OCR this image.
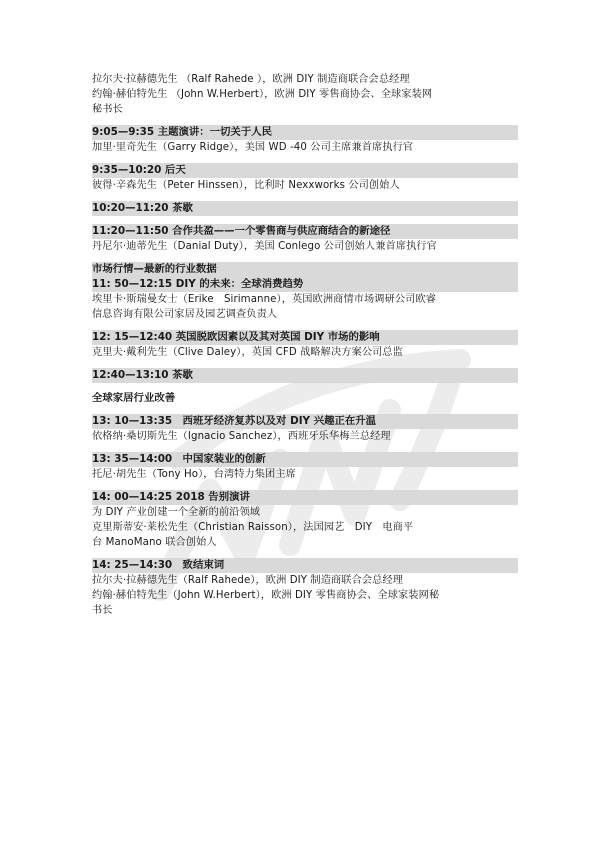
拉尔夫·拉赫德先生 （Ralf Rahede ），欧洲 DIY 制造商联合会总经理
约翰·赫伯特先生 （John W.Herbert），欧洲 DIY 零售商协会、全球家装网
秘书长
9:05—9:35 主题演讲：一切关于人民
加里·里奇先生（Garry Ridge），美国 WD -40 公司主席兼首席执行官
9:35—10:20 后天
彼得·辛森先生（Peter Hinssen），比利时 Nexxworks 公司创始人
10:20—11:20 茶歇
11:20—11:50 合作共盈——一个零售商与供应商结合的新途径
丹尼尔·迪蒂先生（Danial Duty），美国 Conlego 公司创始人兼首席执行官
市场行情—最新的行业数据
11: 50—12:15 DIY 的未来：全球消费趋势
埃里卡·斯瑞曼女士（Erike　Sirimanne），英国欧洲商情市场调研公司欧睿
信息咨询有限公司家居及园艺调查负责人
12: 15—12:40 英国脱欧因素以及其对英国 DIY 市场的影响
克里夫·戴利先生（Clive Daley），英国 CFD 战略解决方案公司总监
12:40—13:10 茶歇
全球家居行业改善
13: 10—13:35　西班牙经济复苏以及对 DIY 兴趣正在升温
依格纳·桑切斯先生（Ignacio Sanchez），西班牙乐华梅兰总经理
13: 35—14:00　中国家装业的创新
托尼·胡先生（Tony Ho），台湾特力集团主席
14: 00—14:25 2018 告别演讲
为 DIY 产业创建一个全新的前沿领域
克里斯蒂安·莱松先生（Christian Raisson），法国园艺　DIY　电商平
台 ManoMano 联合创始人
14: 25—14:30　致结束词
拉尔夫·拉赫德先生（Ralf Rahede），欧洲 DIY 制造商联合会总经理
约翰·赫伯特先生（John W.Herbert），欧洲 DIY 零售商协会、全球家装网秘
书长
